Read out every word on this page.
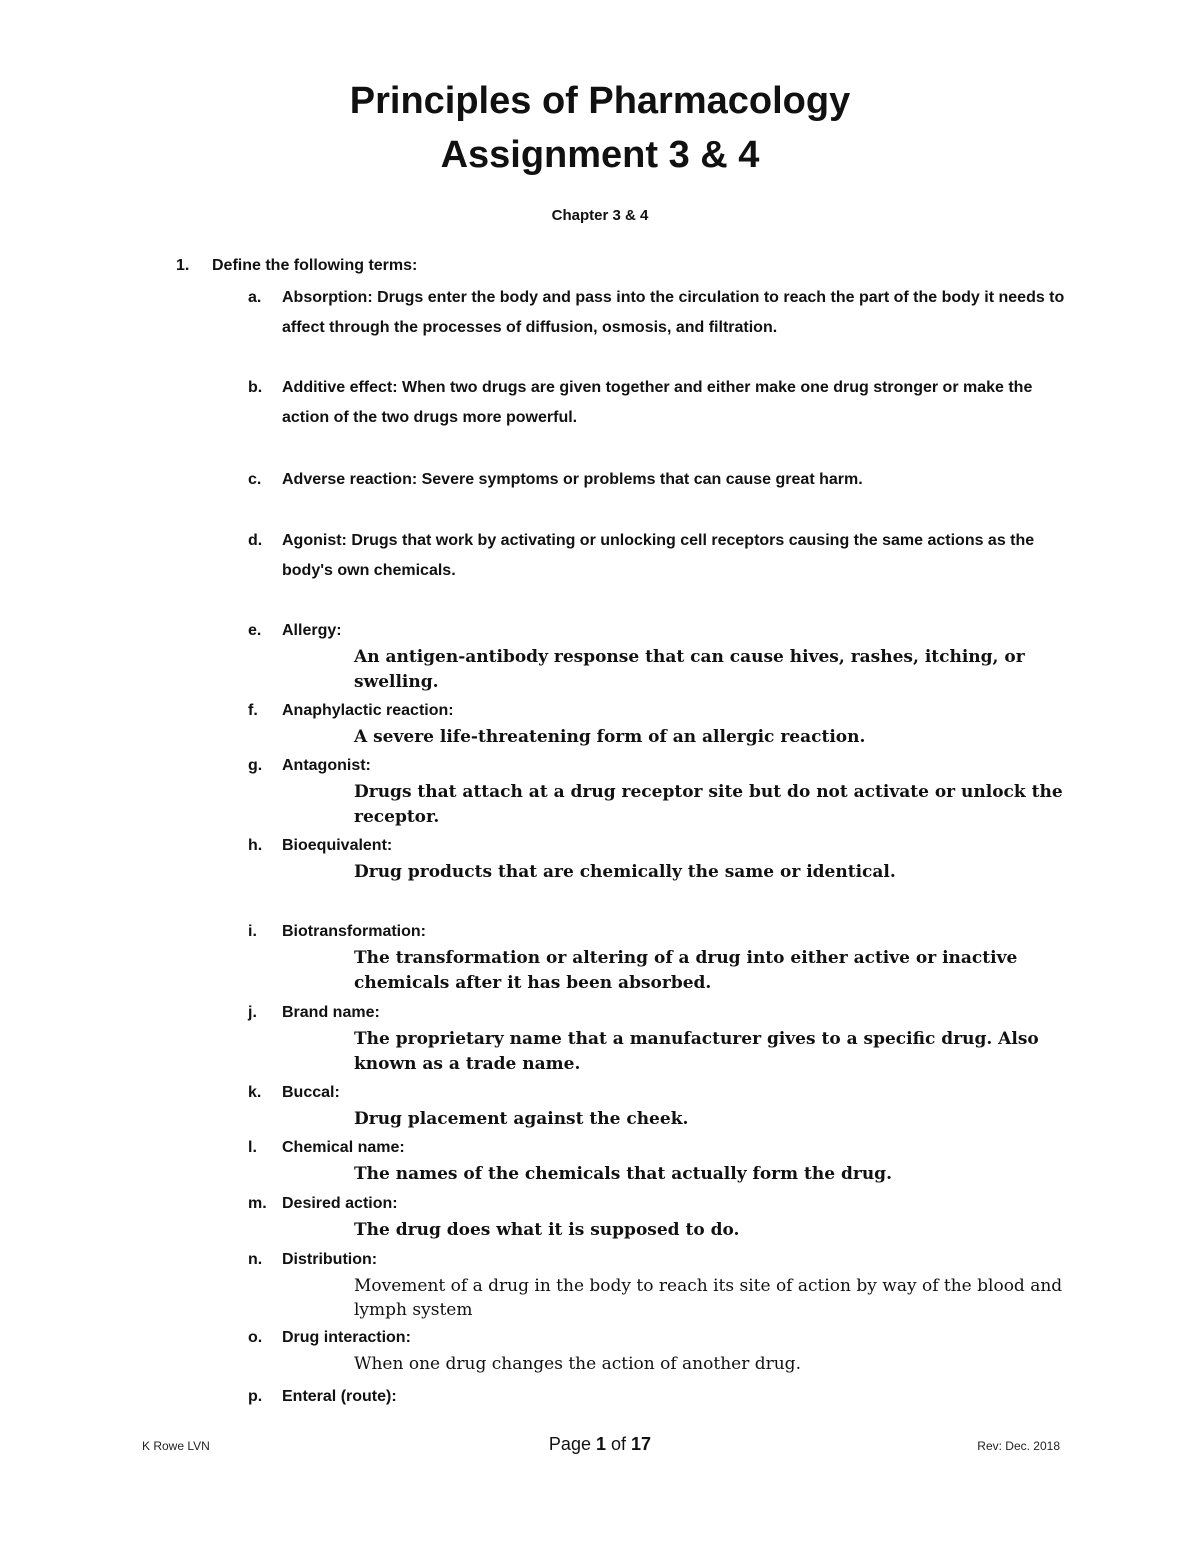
Principles of Pharmacology
Assignment 3 & 4
Chapter 3 & 4
1. Define the following terms:
a.	Absorption: Drugs enter the body and pass into the circulation to reach the part of the body it needs to affect through the processes of diffusion, osmosis, and filtration.
b.	Additive effect: When two drugs are given together and either make one drug stronger or make the action of the two drugs more powerful.
c.	Adverse reaction: Severe symptoms or problems that can cause great harm.
d.	Agonist: Drugs that work by activating or unlocking cell receptors causing the same actions as the body's own chemicals.
e.	Allergy:
An antigen-antibody response that can cause hives, rashes, itching, or swelling.
f.	Anaphylactic reaction:
A severe life-threatening form of an allergic reaction.
g.	Antagonist:
Drugs that attach at a drug receptor site but do not activate or unlock the receptor.
h.	Bioequivalent:
Drug products that are chemically the same or identical.
i.	Biotransformation:
The transformation or altering of a drug into either active or inactive chemicals after it has been absorbed.
j.	Brand name:
The proprietary name that a manufacturer gives to a specific drug. Also known as a trade name.
k.	Buccal:
Drug placement against the cheek.
l.	Chemical name:
The names of the chemicals that actually form the drug.
m. Desired action:
The drug does what it is supposed to do.
n.	Distribution:
Movement of a drug in the body to reach its site of action by way of the blood and lymph system
o.	Drug interaction:
When one drug changes the action of another drug.
p.	Enteral (route):
K Rowe LVN	Page 1 of 17	Rev: Dec. 2018
